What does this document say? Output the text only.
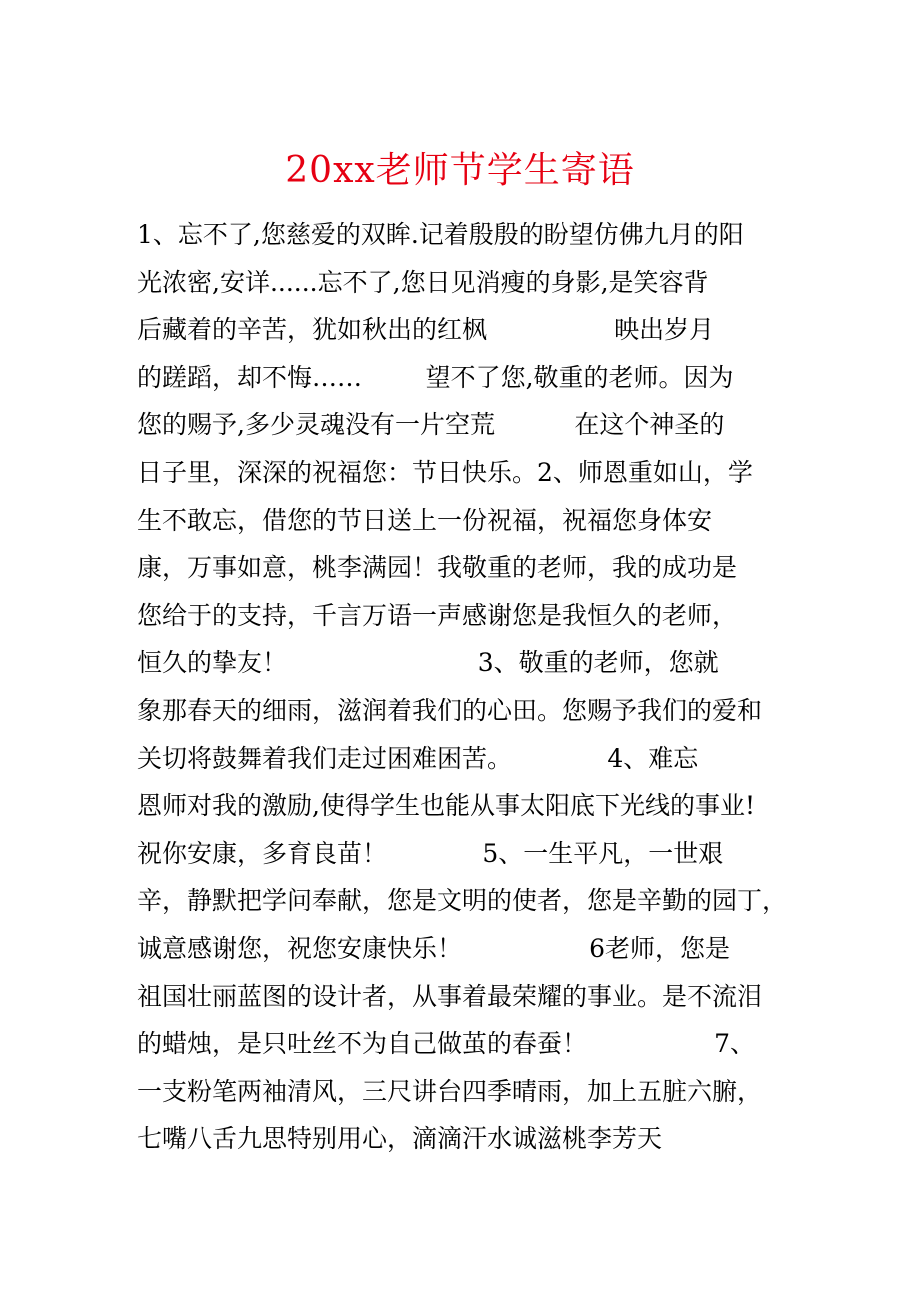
20xx老师节学生寄语
1、忘不了,您慈爱的双眸.记着殷殷的盼望仿佛九月的阳
光浓密,安详......忘不了,您日见消瘦的身影,是笑容背
后藏着的辛苦，犹如秋出的红枫                映出岁月
的蹉蹈，却不悔……        望不了您,敬重的老师。因为
您的赐予,多少灵魂没有一片空荒          在这个神圣的
日子里，深深的祝福您：节日快乐。2、师恩重如山，学
生不敢忘，借您的节日送上一份祝福，祝福您身体安
康，万事如意，桃李满园！我敬重的老师，我的成功是
您给于的支持，千言万语一声感谢您是我恒久的老师，
恒久的挚友！                        3、敬重的老师，您就
象那春天的细雨，滋润着我们的心田。您赐予我们的爱和
关切将鼓舞着我们走过困难困苦。            4、难忘
恩师对我的激励,使得学生也能从事太阳底下光线的事业!
祝你安康，多育良苗！            5、一生平凡，一世艰
辛，静默把学问奉献，您是文明的使者，您是辛勤的园丁，
诚意感谢您，祝您安康快乐！                6老师，您是
祖国壮丽蓝图的设计者，从事着最荣耀的事业。是不流泪
的蜡烛，是只吐丝不为自己做茧的春蚕！                7、
一支粉笔两袖清风，三尺讲台四季晴雨，加上五脏六腑，
七嘴八舌九思特别用心，滴滴汗水诚滋桃李芳天
